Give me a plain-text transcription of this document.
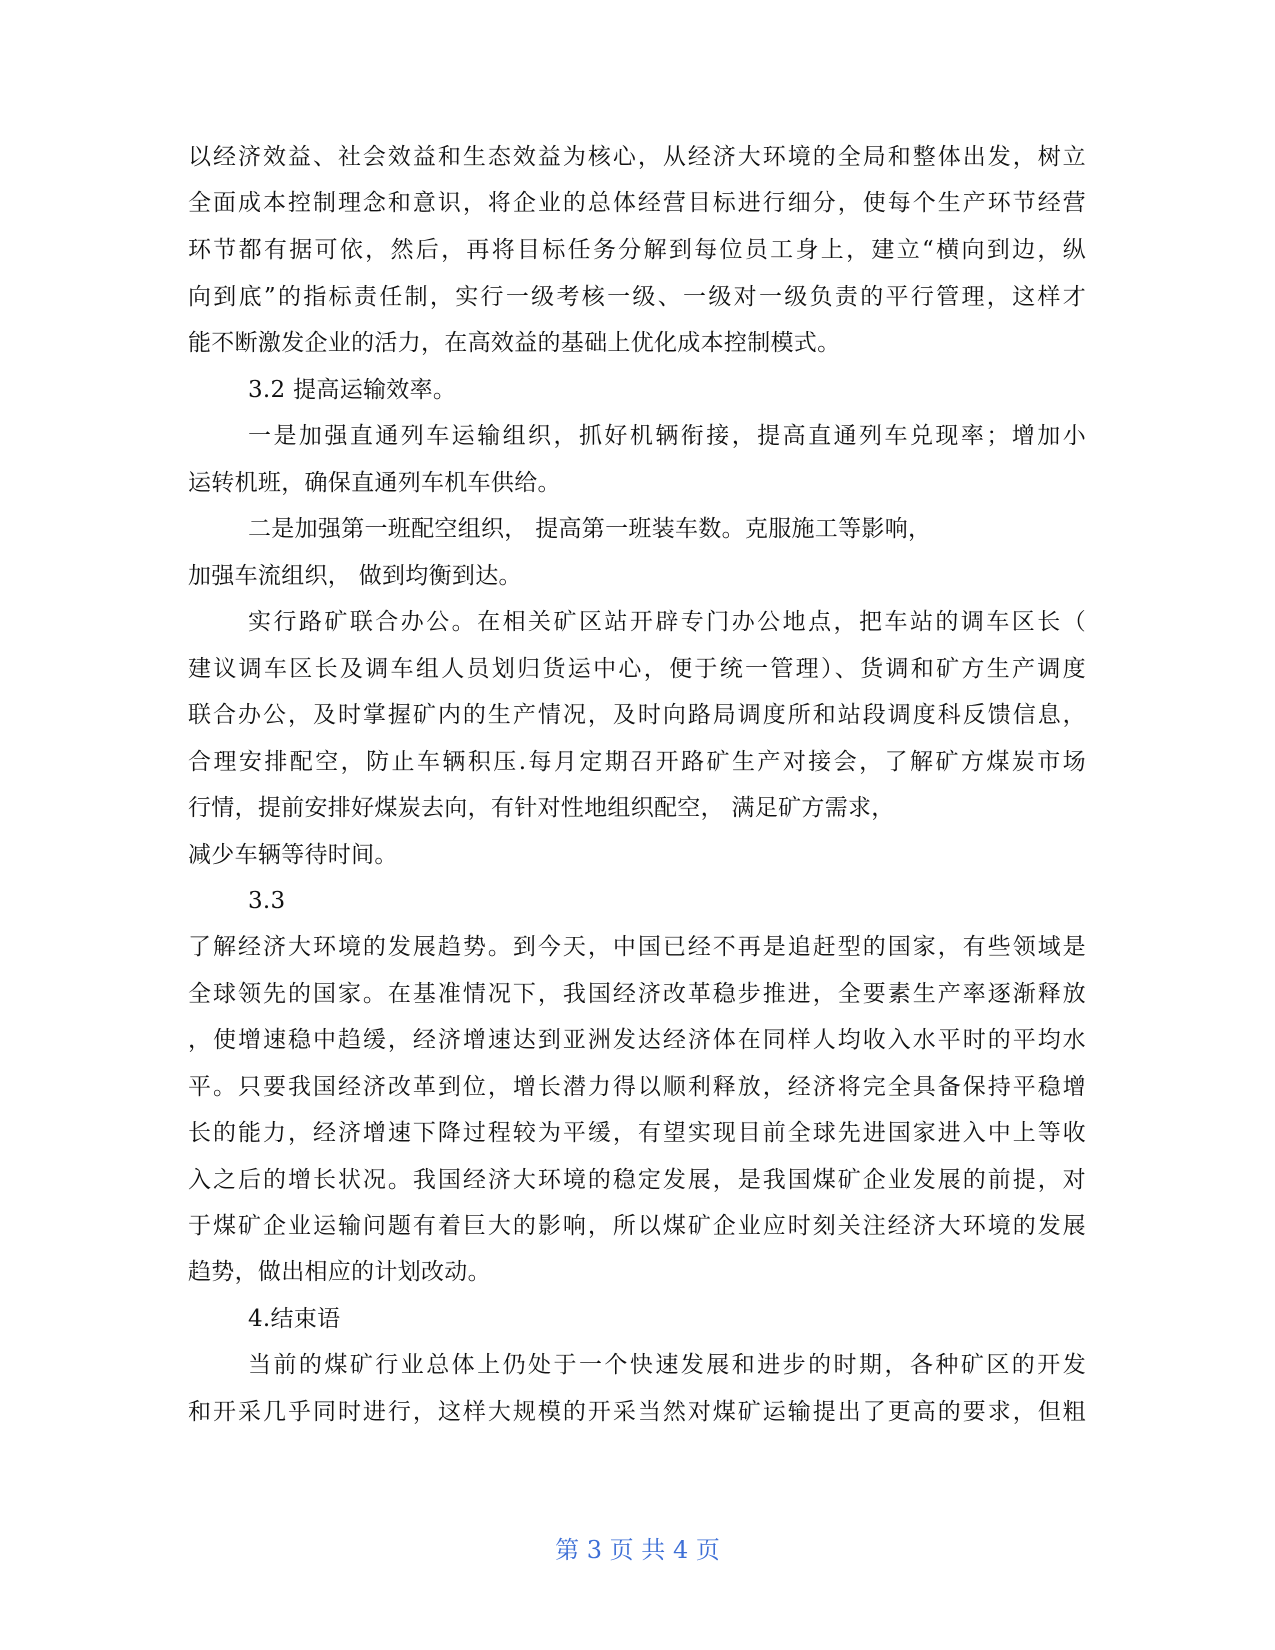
以经济效益、社会效益和生态效益为核心，从经济大环境的全局和整体出发，树立
全面成本控制理念和意识，将企业的总体经营目标进行细分，使每个生产环节经营
环节都有据可依，然后，再将目标任务分解到每位员工身上，建立“横向到边，纵
向到底”的指标责任制，实行一级考核一级、一级对一级负责的平行管理，这样才
能不断激发企业的活力，在高效益的基础上优化成本控制模式。
3.2 提高运输效率。
一是加强直通列车运输组织，抓好机辆衔接，提高直通列车兑现率；增加小
运转机班，确保直通列车机车供给。
二是加强第一班配空组织， 提高第一班装车数。克服施工等影响，
加强车流组织， 做到均衡到达。
实行路矿联合办公。在相关矿区站开辟专门办公地点，把车站的调车区长（
建议调车区长及调车组人员划归货运中心，便于统一管理）、货调和矿方生产调度
联合办公，及时掌握矿内的生产情况，及时向路局调度所和站段调度科反馈信息，
合理安排配空，防止车辆积压.每月定期召开路矿生产对接会，了解矿方煤炭市场
行情，提前安排好煤炭去向，有针对性地组织配空， 满足矿方需求，
减少车辆等待时间。
3.3
了解经济大环境的发展趋势。到今天，中国已经不再是追赶型的国家，有些领域是
全球领先的国家。在基准情况下，我国经济改革稳步推进，全要素生产率逐渐释放
，使增速稳中趋缓，经济增速达到亚洲发达经济体在同样人均收入水平时的平均水
平。只要我国经济改革到位，增长潜力得以顺利释放，经济将完全具备保持平稳增
长的能力，经济增速下降过程较为平缓，有望实现目前全球先进国家进入中上等收
入之后的增长状况。我国经济大环境的稳定发展，是我国煤矿企业发展的前提，对
于煤矿企业运输问题有着巨大的影响，所以煤矿企业应时刻关注经济大环境的发展
趋势，做出相应的计划改动。
4.结束语
当前的煤矿行业总体上仍处于一个快速发展和进步的时期，各种矿区的开发
和开采几乎同时进行，这样大规模的开采当然对煤矿运输提出了更高的要求，但粗
第 3 页 共 4 页
